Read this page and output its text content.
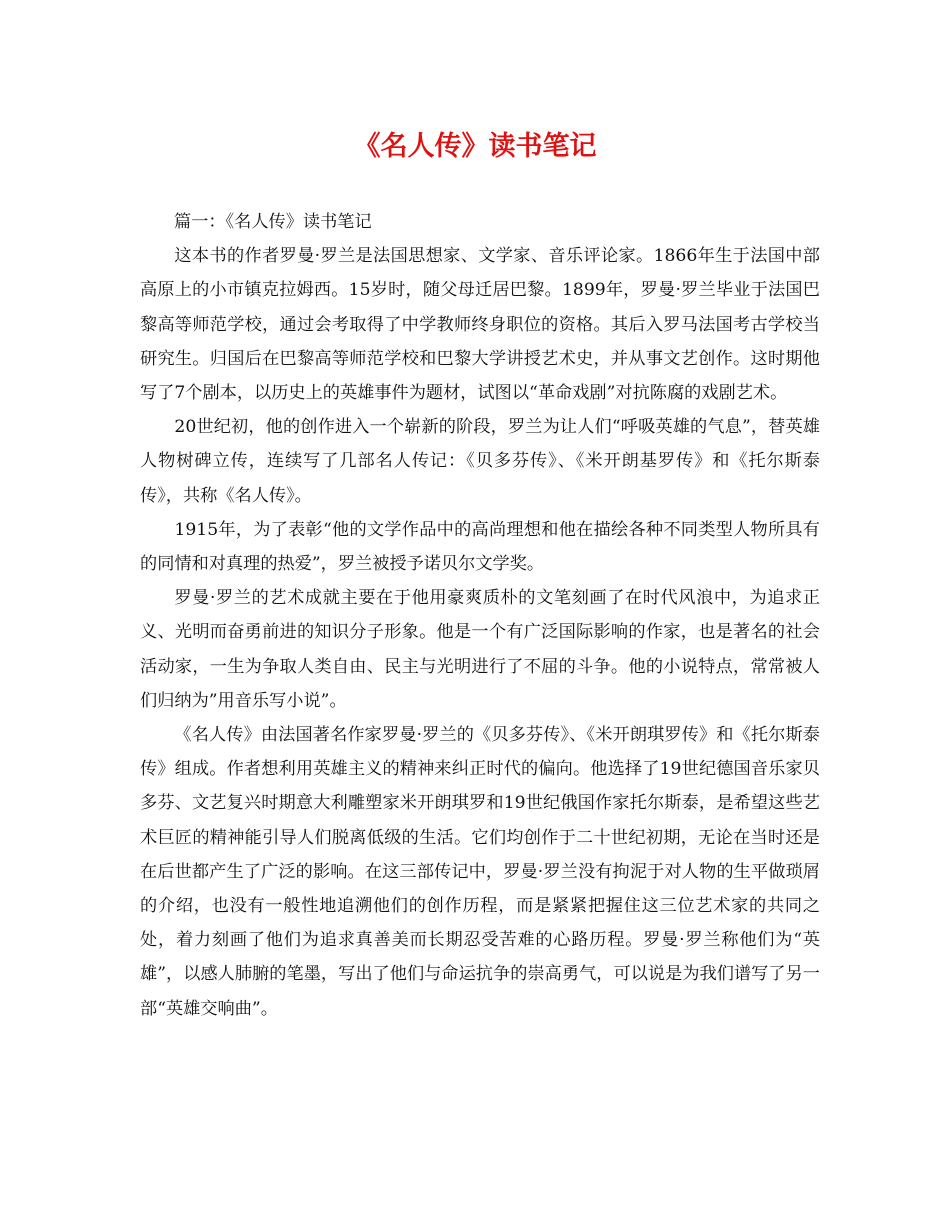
《名人传》读书笔记

篇一：《名人传》读书笔记

这本书的作者罗曼·罗兰是法国思想家、文学家、音乐评论家。1866年生于法国中部高原上的小市镇克拉姆西。15岁时，随父母迁居巴黎。1899年，罗曼·罗兰毕业于法国巴黎高等师范学校，通过会考取得了中学教师终身职位的资格。其后入罗马法国考古学校当研究生。归国后在巴黎高等师范学校和巴黎大学讲授艺术史，并从事文艺创作。这时期他写了7个剧本，以历史上的英雄事件为题材，试图以“革命戏剧”对抗陈腐的戏剧艺术。

20世纪初，他的创作进入一个崭新的阶段，罗兰为让人们“呼吸英雄的气息”，替英雄人物树碑立传，连续写了几部名人传记：《贝多芬传》、《米开朗基罗传》和《托尔斯泰传》，共称《名人传》。

1915年，为了表彰“他的文学作品中的高尚理想和他在描绘各种不同类型人物所具有的同情和对真理的热爱”，罗兰被授予诺贝尔文学奖。

罗曼·罗兰的艺术成就主要在于他用豪爽质朴的文笔刻画了在时代风浪中，为追求正义、光明而奋勇前进的知识分子形象。他是一个有广泛国际影响的作家，也是著名的社会活动家，一生为争取人类自由、民主与光明进行了不屈的斗争。他的小说特点，常常被人们归纳为”用音乐写小说”。

《名人传》由法国著名作家罗曼·罗兰的《贝多芬传》、《米开朗琪罗传》和《托尔斯泰传》组成。作者想利用英雄主义的精神来纠正时代的偏向。他选择了19世纪德国音乐家贝多芬、文艺复兴时期意大利雕塑家米开朗琪罗和19世纪俄国作家托尔斯泰，是希望这些艺术巨匠的精神能引导人们脱离低级的生活。它们均创作于二十世纪初期，无论在当时还是在后世都产生了广泛的影响。在这三部传记中，罗曼·罗兰没有拘泥于对人物的生平做琐屑的介绍，也没有一般性地追溯他们的创作历程，而是紧紧把握住这三位艺术家的共同之处，着力刻画了他们为追求真善美而长期忍受苦难的心路历程。罗曼·罗兰称他们为“英雄”，以感人肺腑的笔墨，写出了他们与命运抗争的崇高勇气，可以说是为我们谱写了另一部“英雄交响曲”。
